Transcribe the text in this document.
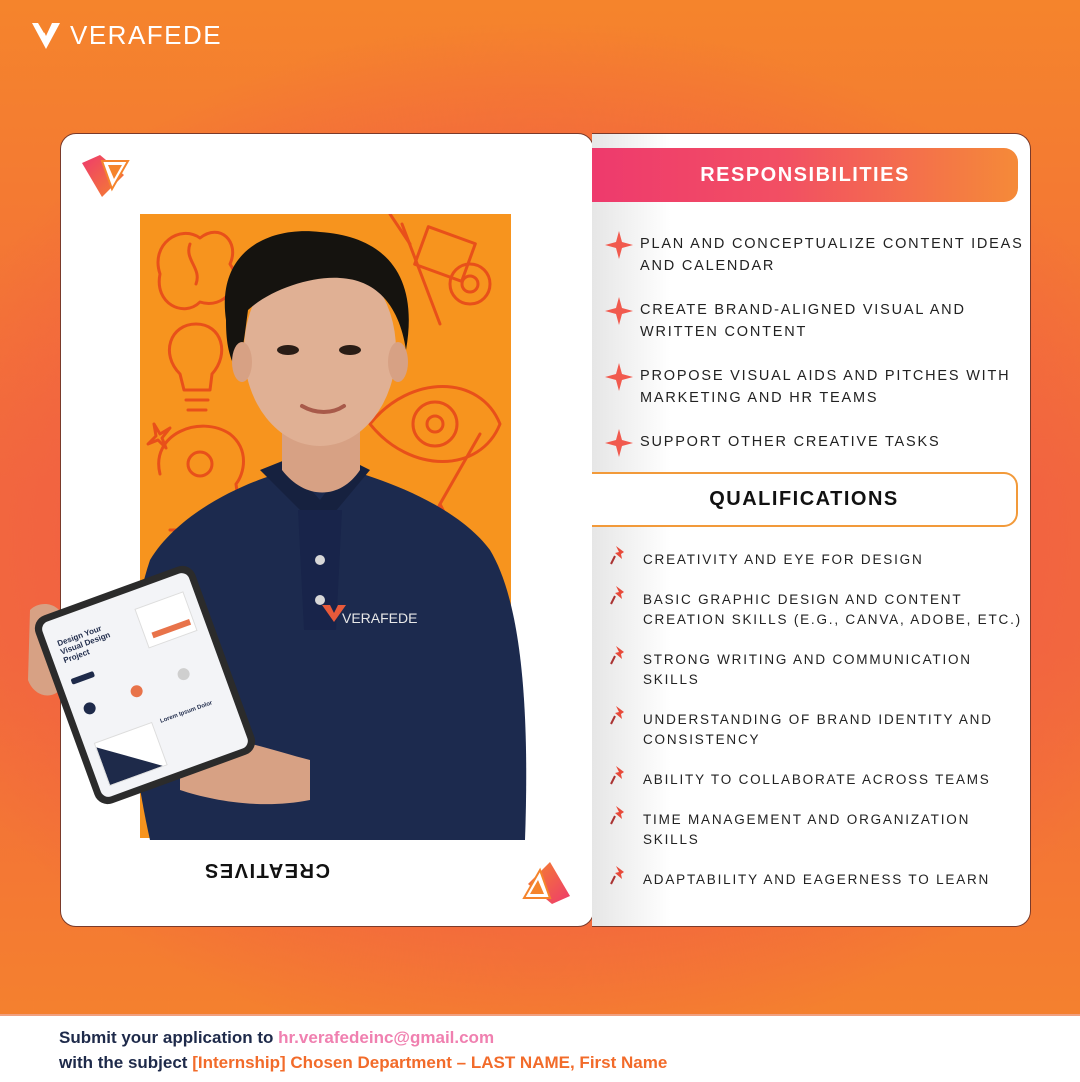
VERAFEDE
CREATIVES
VERAFEDE
Design Your Visual Design Project
Lorem Ipsum Dolor
RESPONSIBILITIES
PLAN AND CONCEPTUALIZE CONTENT IDEAS AND CALENDAR
CREATE BRAND-ALIGNED VISUAL AND WRITTEN CONTENT
PROPOSE VISUAL AIDS AND PITCHES WITH MARKETING AND HR TEAMS
SUPPORT OTHER CREATIVE TASKS
QUALIFICATIONS
CREATIVITY AND EYE FOR DESIGN
BASIC GRAPHIC DESIGN AND CONTENT CREATION SKILLS (E.G., CANVA, ADOBE, ETC.)
STRONG WRITING AND COMMUNICATION SKILLS
UNDERSTANDING OF BRAND IDENTITY AND CONSISTENCY
ABILITY TO COLLABORATE ACROSS TEAMS
TIME MANAGEMENT AND ORGANIZATION SKILLS
ADAPTABILITY AND EAGERNESS TO LEARN
Submit your application to hr.verafedeinc@gmail.com
with the subject [Internship] Chosen Department – LAST NAME, First Name
